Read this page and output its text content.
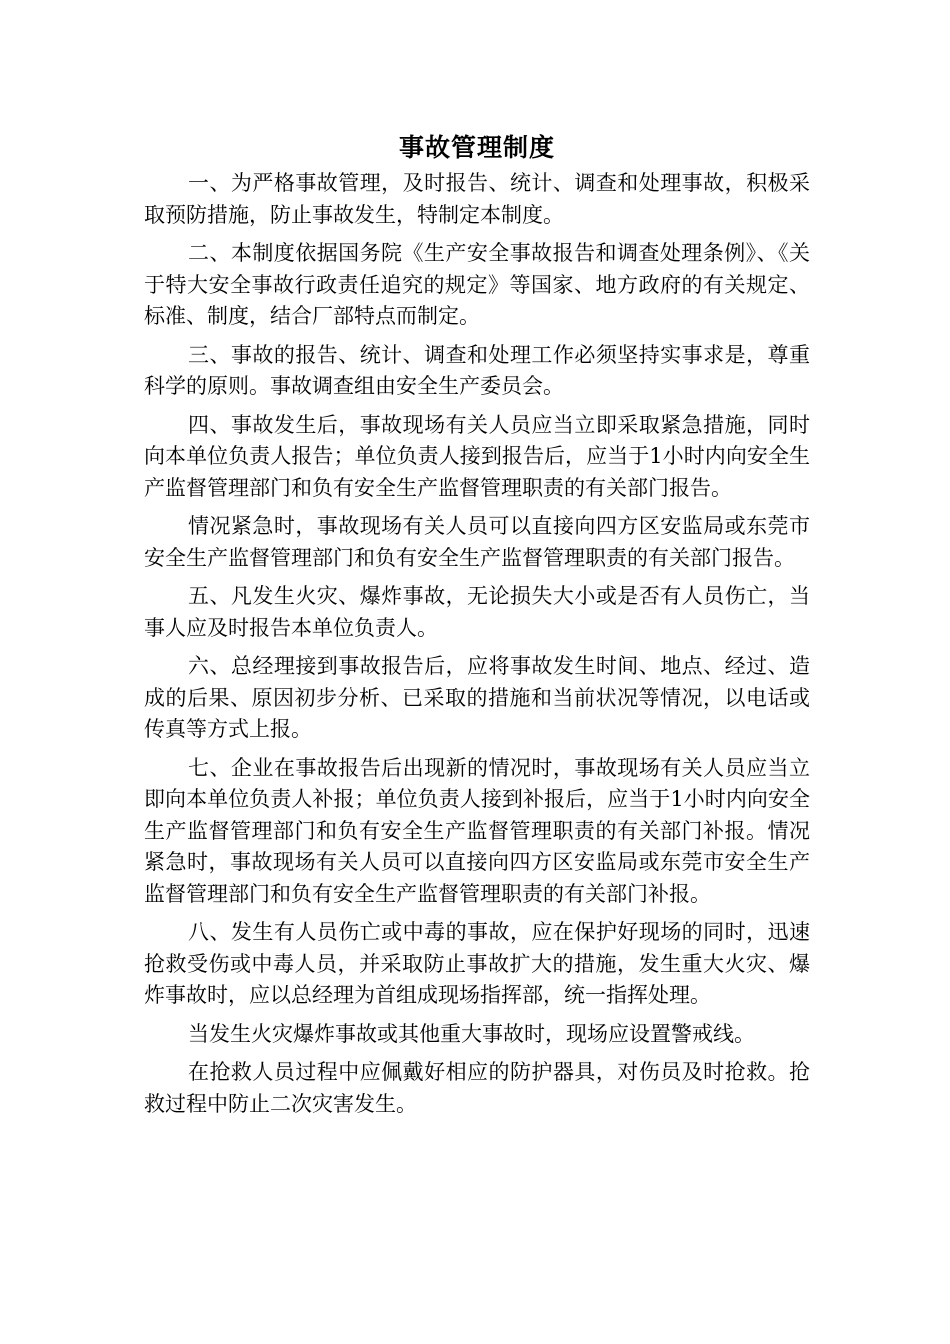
事故管理制度

一、为严格事故管理，及时报告、统计、调查和处理事故，积极采取预防措施，防止事故发生，特制定本制度。

二、本制度依据国务院《生产安全事故报告和调查处理条例》、《关于特大安全事故行政责任追究的规定》等国家、地方政府的有关规定、标准、制度，结合厂部特点而制定。

三、事故的报告、统计、调查和处理工作必须坚持实事求是，尊重科学的原则。事故调查组由安全生产委员会。

四、事故发生后，事故现场有关人员应当立即采取紧急措施，同时向本单位负责人报告；单位负责人接到报告后，应当于1小时内向安全生产监督管理部门和负有安全生产监督管理职责的有关部门报告。

情况紧急时，事故现场有关人员可以直接向四方区安监局或东莞市安全生产监督管理部门和负有安全生产监督管理职责的有关部门报告。

五、凡发生火灾、爆炸事故，无论损失大小或是否有人员伤亡，当事人应及时报告本单位负责人。

六、总经理接到事故报告后，应将事故发生时间、地点、经过、造成的后果、原因初步分析、已采取的措施和当前状况等情况，以电话或传真等方式上报。

七、企业在事故报告后出现新的情况时，事故现场有关人员应当立即向本单位负责人补报；单位负责人接到补报后，应当于1小时内向安全生产监督管理部门和负有安全生产监督管理职责的有关部门补报。情况紧急时，事故现场有关人员可以直接向四方区安监局或东莞市安全生产监督管理部门和负有安全生产监督管理职责的有关部门补报。

八、发生有人员伤亡或中毒的事故，应在保护好现场的同时，迅速抢救受伤或中毒人员，并采取防止事故扩大的措施，发生重大火灾、爆炸事故时，应以总经理为首组成现场指挥部，统一指挥处理。

当发生火灾爆炸事故或其他重大事故时，现场应设置警戒线。

在抢救人员过程中应佩戴好相应的防护器具，对伤员及时抢救。抢救过程中防止二次灾害发生。
